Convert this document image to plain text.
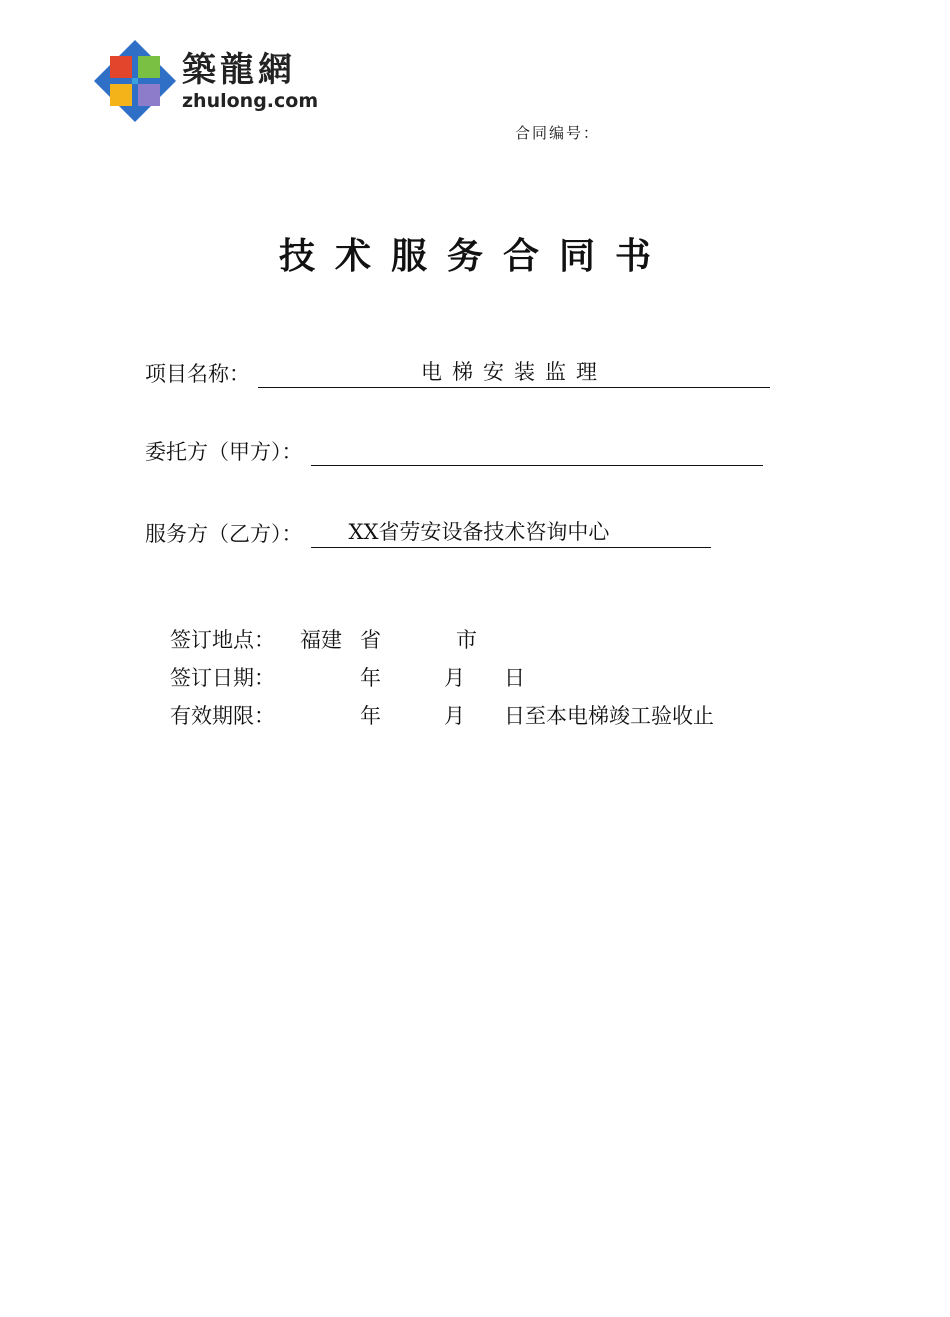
築龍網
zhulong.com
合同编号：
技术服务合同书
项目名称：	电梯安装监理
委托方（甲方）：
服务方（乙方）：	XX省劳安设备技术咨询中心
签订地点： 福建 省	市
签订日期：	年	月 日
有效期限：	年	月 日至本电梯竣工验收止
